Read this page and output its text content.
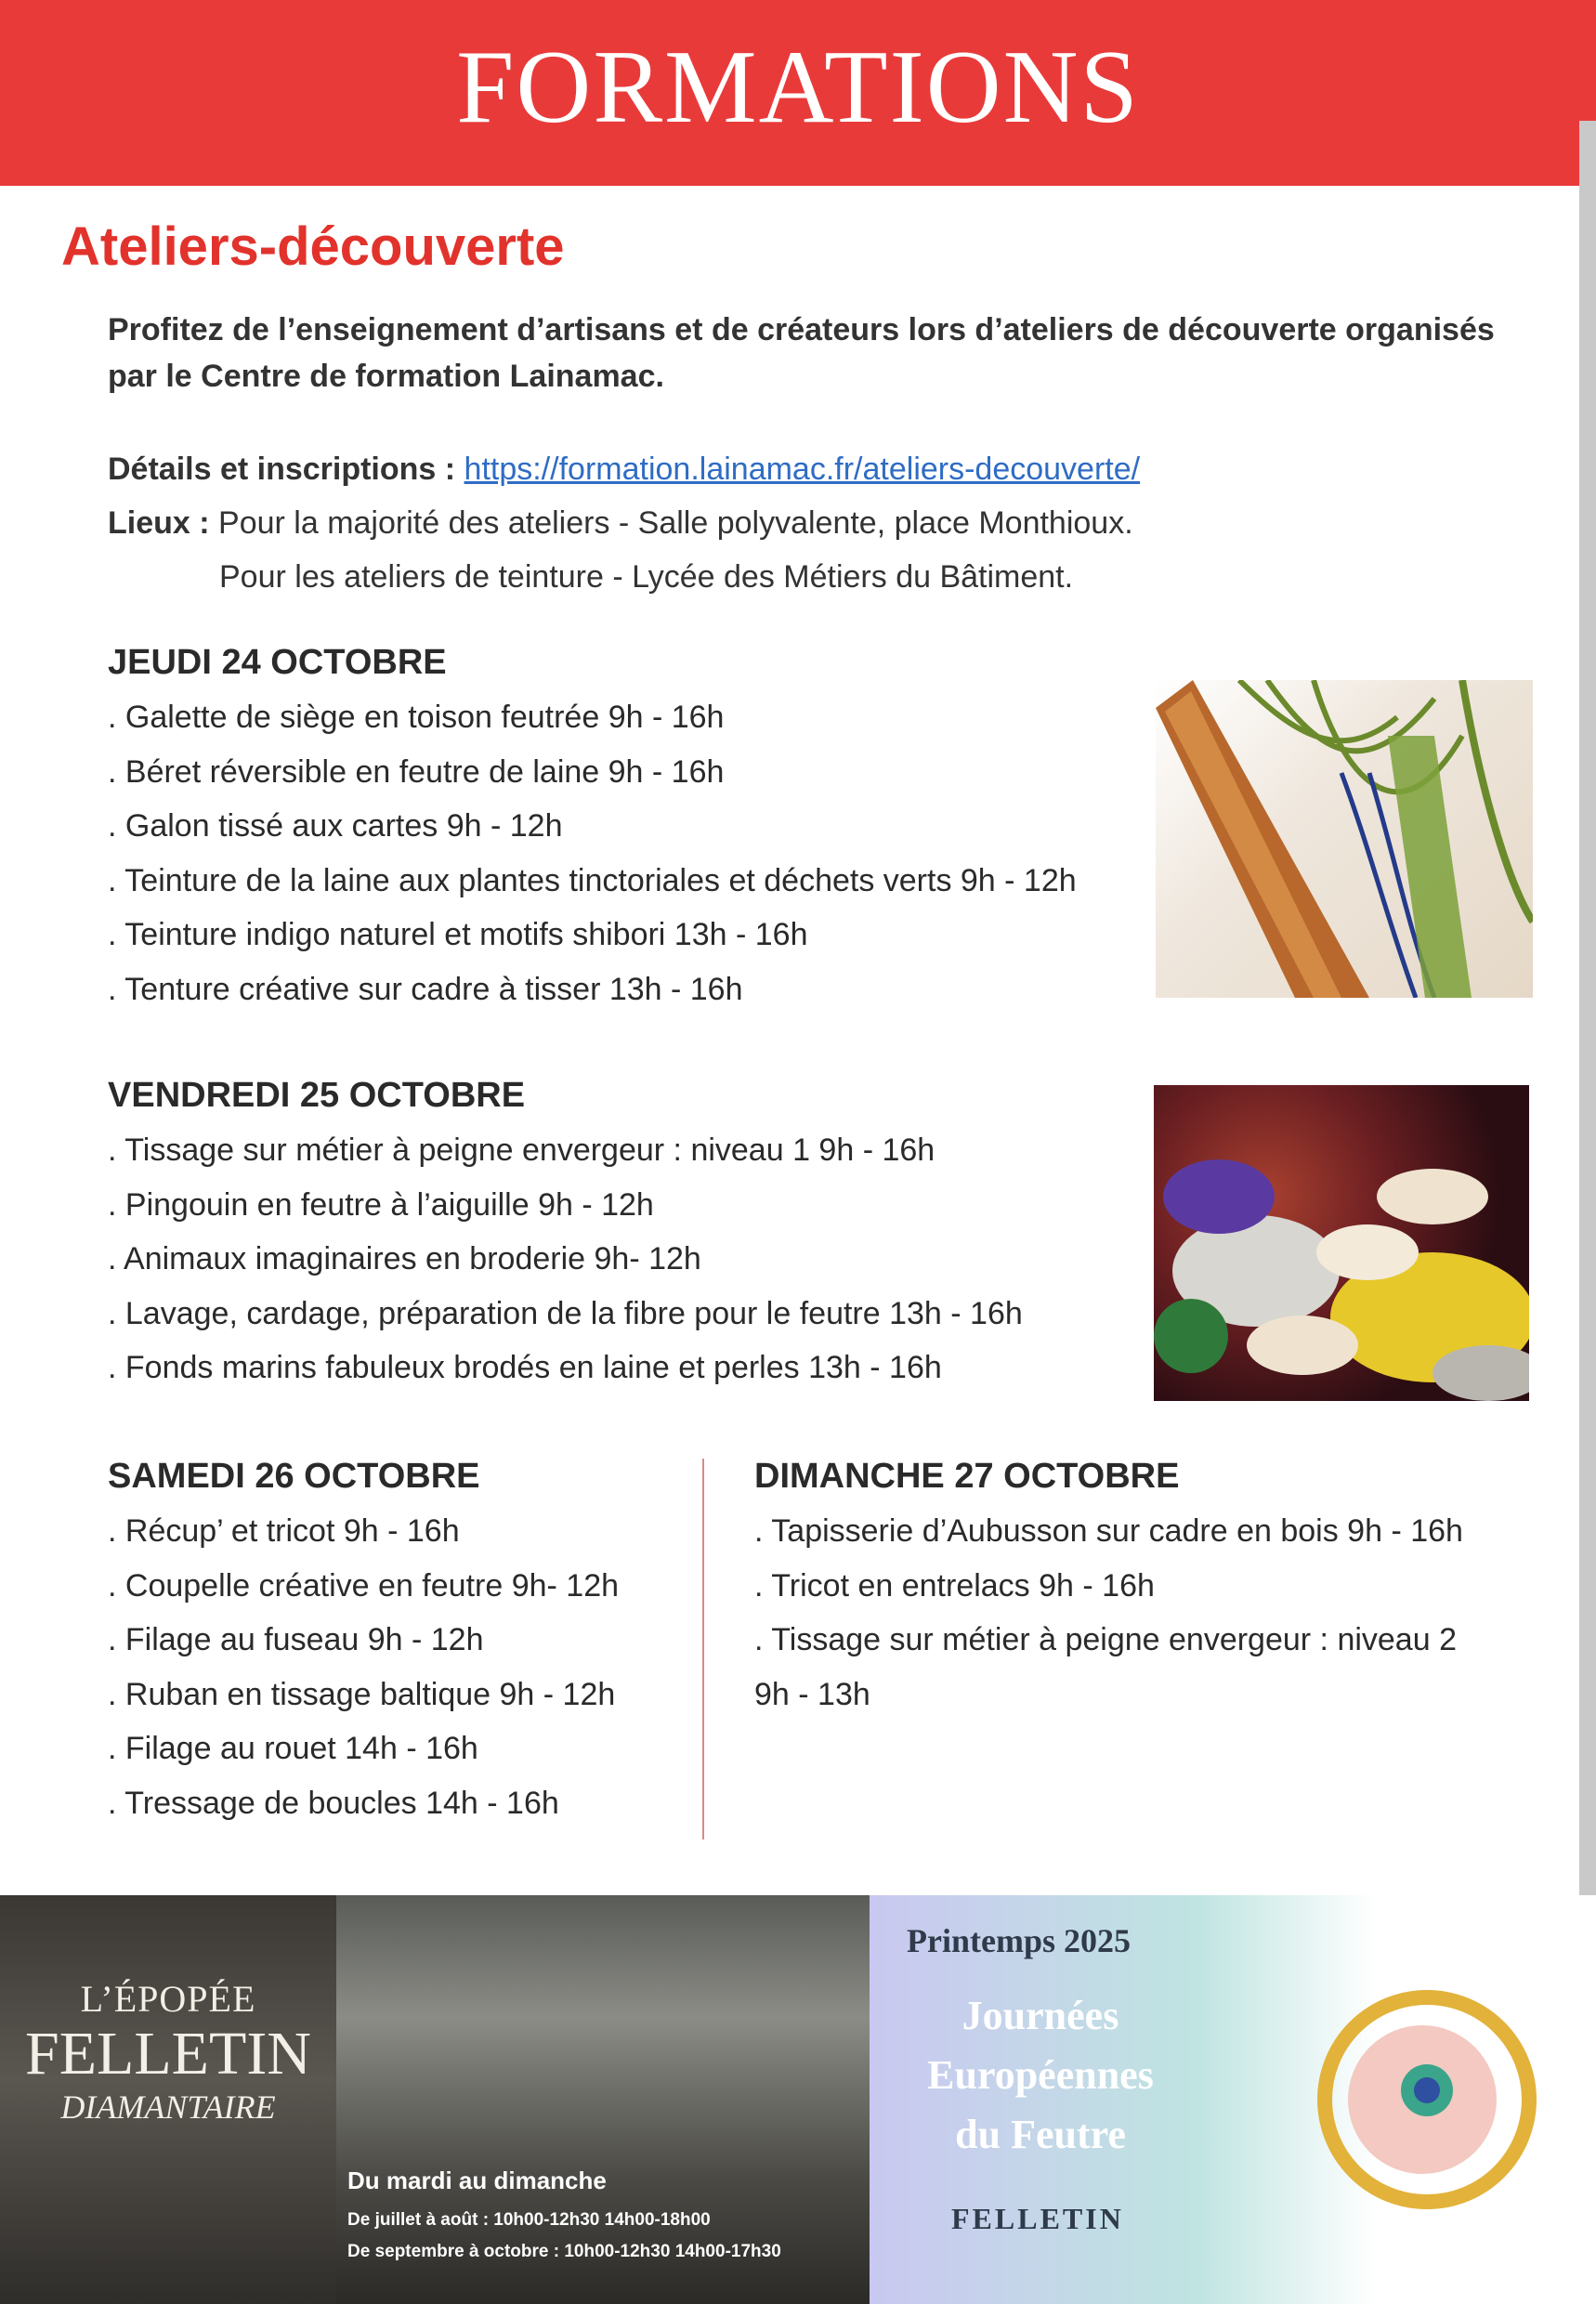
FORMATIONS
Ateliers-découverte
Profitez de l’enseignement d’artisans et de créateurs lors d’ateliers de découverte organisés par le Centre de formation Lainamac.
Détails et inscriptions : https://formation.lainamac.fr/ateliers-decouverte/
Lieux : Pour la majorité des ateliers - Salle polyvalente, place Monthioux.
Pour les ateliers de teinture - Lycée des Métiers du Bâtiment.
JEUDI 24 OCTOBRE
. Galette de siège en toison feutrée 9h - 16h
. Béret réversible en feutre de laine 9h - 16h
. Galon tissé aux cartes 9h - 12h
. Teinture de la laine aux plantes tinctoriales et déchets verts 9h - 12h
. Teinture indigo naturel et motifs shibori 13h - 16h
. Tenture créative sur cadre à tisser 13h - 16h
VENDREDI 25 OCTOBRE
. Tissage sur métier à peigne envergeur : niveau 1 9h - 16h
. Pingouin en feutre à l’aiguille 9h - 12h
. Animaux imaginaires en broderie 9h- 12h
. Lavage, cardage, préparation de la fibre pour le feutre 13h - 16h
. Fonds marins fabuleux brodés en laine et perles 13h - 16h
SAMEDI 26 OCTOBRE
. Récup’ et tricot 9h - 16h
. Coupelle créative en feutre 9h- 12h
. Filage au fuseau 9h - 12h
. Ruban en tissage baltique 9h - 12h
. Filage au rouet 14h - 16h
. Tressage de boucles 14h - 16h
DIMANCHE 27 OCTOBRE
. Tapisserie d’Aubusson sur cadre en bois 9h - 16h
. Tricot en entrelacs 9h - 16h
. Tissage sur métier à peigne envergeur : niveau 2
9h - 13h
L’ÉPOPÉE
FELLETIN
DIAMANTAIRE
Du mardi au dimanche
De juillet à août : 10h00-12h30 14h00-18h00
De septembre à octobre : 10h00-12h30 14h00-17h30
Printemps 2025
Journées
Européennes
du Feutre
FELLETIN
